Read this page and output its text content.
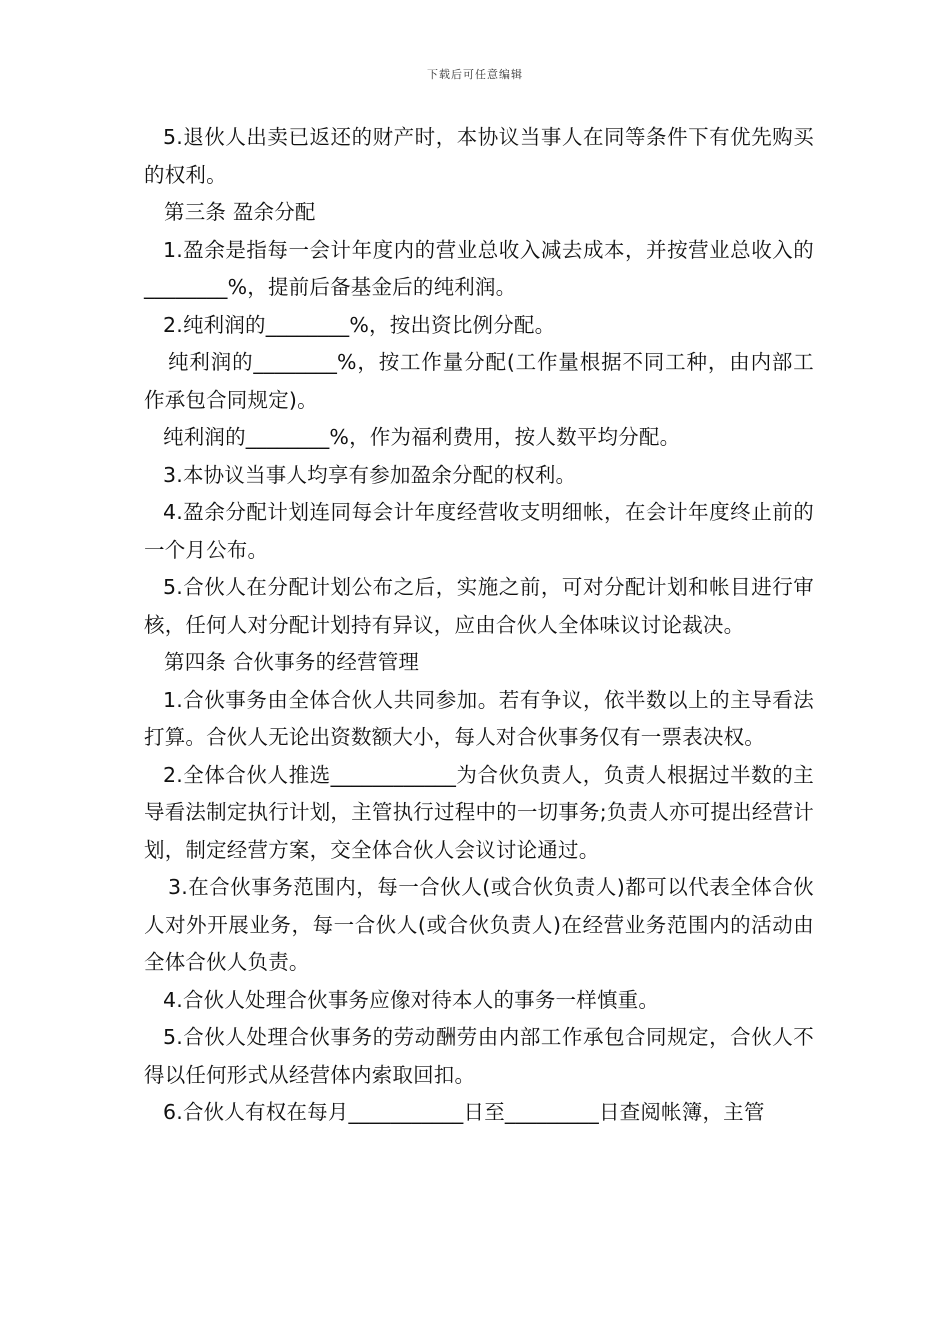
下载后可任意编辑

5.退伙人出卖已返还的财产时，本协议当事人在同等条件下有优先购买的权利。

第三条 盈余分配

1.盈余是指每一会计年度内的营业总收入减去成本，并按营业总收入的________%，提前后备基金后的纯利润。

2.纯利润的________%，按出资比例分配。

纯利润的________%，按工作量分配(工作量根据不同工种，由内部工作承包合同规定)。

纯利润的________%，作为福利费用，按人数平均分配。

3.本协议当事人均享有参加盈余分配的权利。

4.盈余分配计划连同每会计年度经营收支明细帐，在会计年度终止前的一个月公布。

5.合伙人在分配计划公布之后，实施之前，可对分配计划和帐目进行审核，任何人对分配计划持有异议，应由合伙人全体味议讨论裁决。

第四条 合伙事务的经营管理

1.合伙事务由全体合伙人共同参加。若有争议，依半数以上的主导看法打算。合伙人无论出资数额大小，每人对合伙事务仅有一票表决权。

2.全体合伙人推选____________为合伙负责人，负责人根据过半数的主导看法制定执行计划，主管执行过程中的一切事务;负责人亦可提出经营计划，制定经营方案，交全体合伙人会议讨论通过。

3.在合伙事务范围内，每一合伙人(或合伙负责人)都可以代表全体合伙人对外开展业务，每一合伙人(或合伙负责人)在经营业务范围内的活动由全体合伙人负责。

4.合伙人处理合伙事务应像对待本人的事务一样慎重。

5.合伙人处理合伙事务的劳动酬劳由内部工作承包合同规定，合伙人不得以任何形式从经营体内索取回扣。

6.合伙人有权在每月___________日至_________日查阅帐簿，主管
